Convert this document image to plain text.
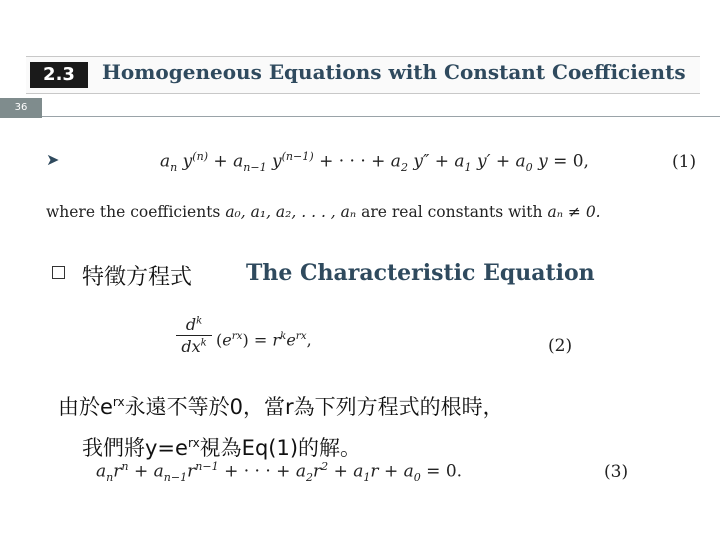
2.3	Homogeneous Equations with Constant Coefficients
36
➤	$a_n$ $y^{(n)} + a_{n-1}$ $y^{(n-1)}$ + · · · + $a_2$ $y'' + a_1$ $y' + a_0$ y = 0,	(1)
where the coefficients a₀, a₁, a₂, . . . , aₙ are real constants with aₙ ≠ 0.
特徵方程式 The Characteristic Equation
$d^k$
$dx^k$ $(e^{rx}) = r^ke^{rx}$,	(2)
由於$e^{rx}$永遠不等於0，當r為下列方程式的根時，
我們將$y=e^{rx}$視為Eq(1)的解。
$a_nr^n + a_{n-1}r^{n-1}$ + · · · + $a_2r^2 + a_1r + a_0 = 0$.	(3)
